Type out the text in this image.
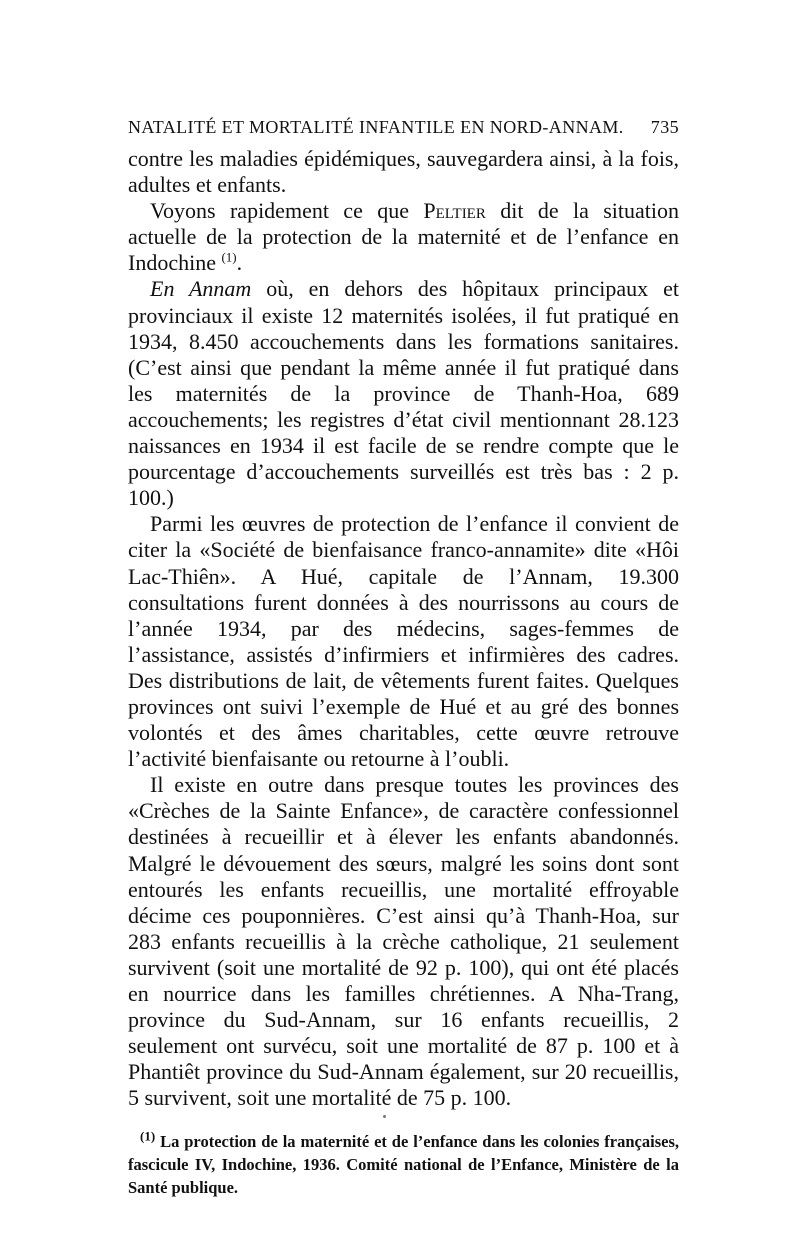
NATALITÉ ET MORTALITÉ INFANTILE EN NORD-ANNAM. 735

contre les maladies épidémiques, sauvegardera ainsi, à la fois, adultes et enfants.

Voyons rapidement ce que Peltier dit de la situation actuelle de la protection de la maternité et de l’enfance en Indochine $^{(1)}$.

En Annam où, en dehors des hôpitaux principaux et provinciaux il existe 12 maternités isolées, il fut pratiqué en 1934, 8.450 accouchements dans les formations sanitaires. (C’est ainsi que pendant la même année il fut pratiqué dans les maternités de la province de Thanh-Hoa, 689 accouchements; les registres d’état civil mentionnant 28.123 naissances en 1934 il est facile de se rendre compte que le pourcentage d’accouchements surveillés est très bas : 2 p. 100.)

Parmi les œuvres de protection de l’enfance il convient de citer la «Société de bienfaisance franco-annamite» dite «Hôi Lac-Thiên». A Hué, capitale de l’Annam, 19.300 consultations furent données à des nourrissons au cours de l’année 1934, par des médecins, sages-femmes de l’assistance, assistés d’infirmiers et infirmières des cadres. Des distributions de lait, de vêtements furent faites. Quelques provinces ont suivi l’exemple de Hué et au gré des bonnes volontés et des âmes charitables, cette œuvre retrouve l’activité bienfaisante ou retourne à l’oubli.

Il existe en outre dans presque toutes les provinces des «Crèches de la Sainte Enfance», de caractère confessionnel destinées à recueillir et à élever les enfants abandonnés. Malgré le dévouement des sœurs, malgré les soins dont sont entourés les enfants recueillis, une mortalité effroyable décime ces pouponnières. C’est ainsi qu’à Thanh-Hoa, sur 283 enfants recueillis à la crèche catholique, 21 seulement survivent (soit une mortalité de 92 p. 100), qui ont été placés en nourrice dans les familles chrétiennes. A Nha-Trang, province du Sud-Annam, sur 16 enfants recueillis, 2 seulement ont survécu, soit une mortalité de 87 p. 100 et à Phantiêt province du Sud-Annam également, sur 20 recueillis, 5 survivent, soit une mortalité de 75 p. 100.

$^{(1)}$ La protection de la maternité et de l’enfance dans les colonies françaises, fascicule IV, Indochine, 1936. Comité national de l’Enfance, Ministère de la Santé publique.
